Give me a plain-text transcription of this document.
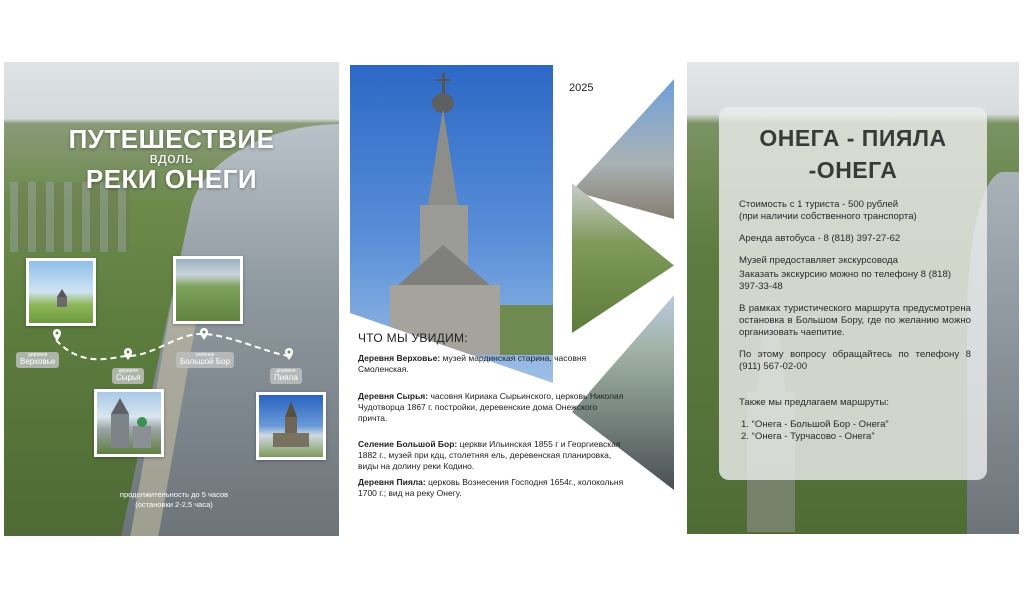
ПУТЕШЕСТВИЕ
вдоль
РЕКИ ОНЕГИ
деревня
Верховье
деревня
Сырья
селение
Большой Бор
деревня
Пияла
продолжительность до 5 часов
(остановки 2-2,5 часа)
2025
ЧТО МЫ УВИДИМ:
Деревня Верховье: музей мардинская старина, часовня Смоленская.
Деревня Сырья: часовня Кириака Сырьинского, церковь Николая Чудотворца 1867 г. постройки, деревенские дома Онежского причта.
Селение Большой Бор: церкви Ильинская 1855 г и Георгиевская 1882 г., музей при кдц, столетняя ель, деревенская планировка, виды на долину реки Кодино.
Деревня Пияла: церковь Вознесения Господня 1654г., колокольня 1700 г.; вид на реку Онегу.
ОНЕГА - ПИЯЛА
-ОНЕГА
Стоимость с 1 туриста - 500 рублей
(при наличии собственного транспорта)
Аренда автобуса - 8 (818) 397-27-62
Музей предоставляет экскурсовода
Заказать экскурсию можно по телефону 8 (818) 397-33-48
В рамках туристического маршрута предусмотрена остановка в Большом Бору, где по желанию можно организовать чаепитие.
По этому вопросу обращайтесь по телефону 8 (911) 567-02-00
Также мы предлагаем маршруты:
1. “Онега - Большой Бор - Онега”
2. “Онега - Турчасово - Онега”
